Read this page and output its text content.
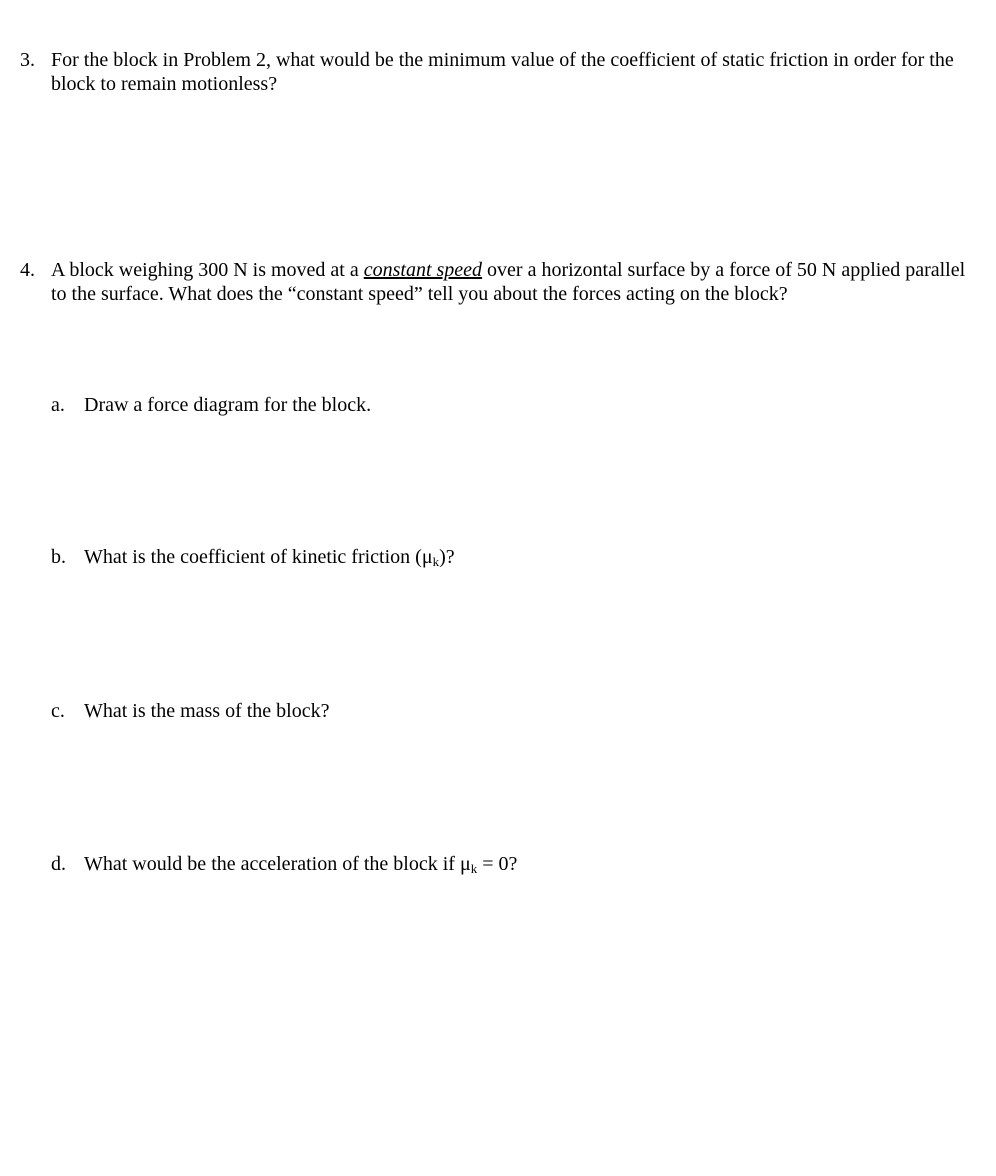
3. For the block in Problem 2, what would be the minimum value of the coefficient of static friction in order for the block to remain motionless?
4. A block weighing 300 N is moved at a constant speed over a horizontal surface by a force of 50 N applied parallel to the surface. What does the “constant speed” tell you about the forces acting on the block?
a. Draw a force diagram for the block.
b. What is the coefficient of kinetic friction $(\mu_k)$?
c. What is the mass of the block?
d. What would be the acceleration of the block if $\mu_k = 0$?
